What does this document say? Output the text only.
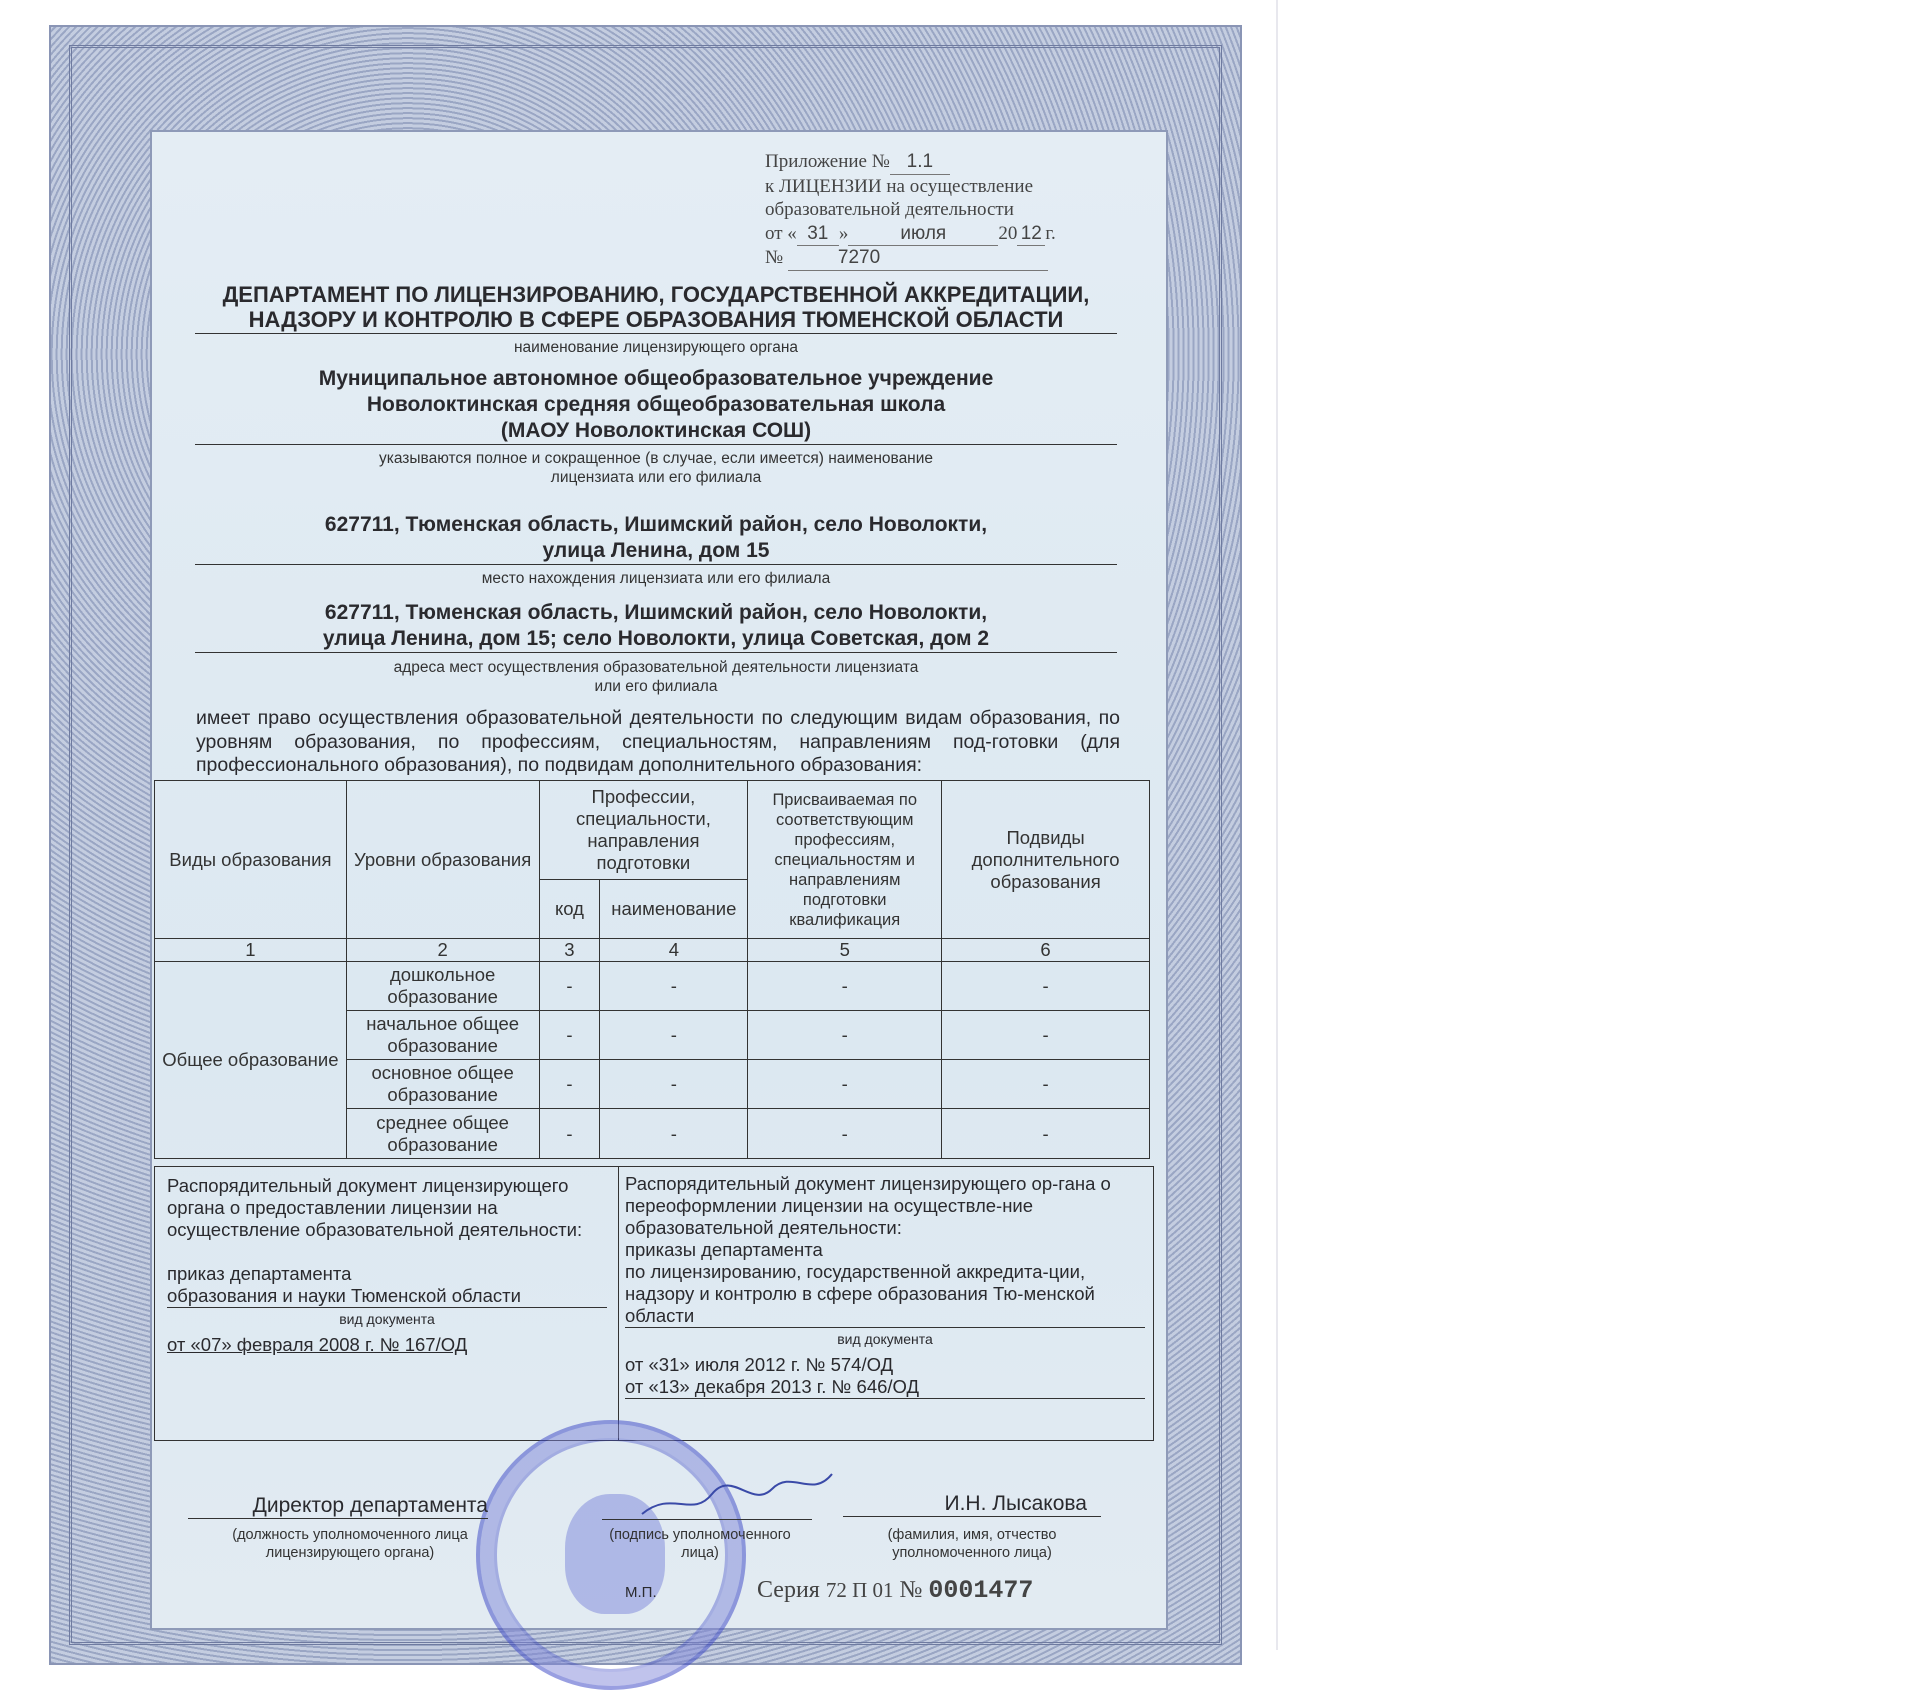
Приложение № 1.1
к ЛИЦЕНЗИИ на осуществление
образовательной деятельности
от « 31 »	июля	20 12 г.
№	7270
ДЕПАРТАМЕНТ ПО ЛИЦЕНЗИРОВАНИЮ, ГОСУДАРСТВЕННОЙ АККРЕДИТАЦИИ,
НАДЗОРУ И КОНТРОЛЮ В СФЕРЕ ОБРАЗОВАНИЯ ТЮМЕНСКОЙ ОБЛАСТИ
наименование лицензирующего органа
Муниципальное автономное общеобразовательное учреждение
Новолоктинская средняя общеобразовательная школа
(МАОУ Новолоктинская СОШ)
указываются полное и сокращенное (в случае, если имеется) наименование
лицензиата или его филиала
627711, Тюменская область, Ишимский район, село Новолокти,
улица Ленина, дом 15
место нахождения лицензиата или его филиала
627711, Тюменская область, Ишимский район, село Новолокти,
улица Ленина, дом 15; село Новолокти, улица Советская, дом 2
адреса мест осуществления образовательной деятельности лицензиата
или его филиала
имеет право осуществления образовательной деятельности по следующим видам образования, по уровням образования, по профессиям, специальностям, направлениям под-готовки (для профессионального образования), по подвидам дополнительного образования:
Виды образования	Уровни образования	Профессии, специальности, направления подготовки		Присваиваемая по соответствующим профессиям, специальностям и направлениям подготовки квалификация	Подвиды дополнительного образования
		код	наименование		
1	2	3	4	5	6
Общее образование	дошкольное образование	-	-	-	-
	начальное общее образование	-	-	-	-
	основное общее образование	-	-	-	-
	среднее общее образование	-	-	-	-
Распорядительный документ лицензирующего органа о предоставлении лицензии на осуществление образовательной деятельности:
приказ департамента
образования и науки Тюменской области
вид документа
от «07» февраля 2008 г. № 167/ОД
Распорядительный документ лицензирующего ор-гана о переоформлении лицензии на осуществле-ние образовательной деятельности:
приказы департамента
по лицензированию, государственной аккредита-ции, надзору и контролю в сфере образования Тю-менской области
вид документа
от «31» июля 2012 г. № 574/ОД
от «13» декабря 2013 г. № 646/ОД
Директор департамента
(должность уполномоченного лица лицензирующего органа)
(подпись уполномоченного лица)
И.Н. Лысакова
(фамилия, имя, отчество уполномоченного лица)
М.П.	Серия 72 П 01 № 0001477
